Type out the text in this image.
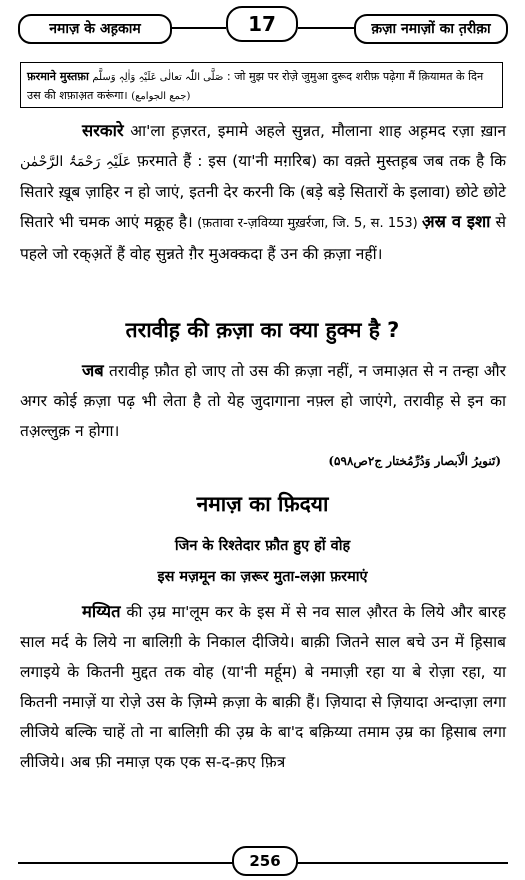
नमाज़ के अह़काम	17	क़ज़ा नमाज़ों का त़रीक़ा
फ़रमाने मुस्तफ़ा صَلَّی اللّٰہ تعالٰی عَلَیْہِ وَاٰلِہٖ وَسلَّم : जो मुझ पर रोज़े जुमुआ दुरूद शरीफ़ पढ़ेगा मैं क़ियामत के दिन उस की शफ़ाअ़त करूंगा। (جمع الجوامع)

सरकारे आ'ला ह़ज़रत, इमामे अहले सुन्नत, मौलाना शाह अह़मद रज़ा ख़ान عَلَیْہِ رَحْمَۃُ الرَّحْمٰن फ़रमाते हैं : इस (या'नी मग़रिब) का वक़्ते मुस्तह़ब जब तक है कि सितारे ख़ूब ज़ाहिर न हो जाएं, इतनी देर करनी कि (बड़े बड़े सितारों के इलावा) छोटे छोटे सितारे भी चमक आएं मक्रूह है। (फ़तावा र-ज़विय्या मुख़र्रजा, जि. 5, स. 153) अ़स्र व इशा से पहले जो रक्अ़तें हैं वोह सुन्नते ग़ैर मुअक्कदा हैं उन की क़ज़ा नहीं।

तरावीह़ की क़ज़ा का क्या हुक्म है ?

जब तरावीह़ फ़ौत हो जाए तो उस की क़ज़ा नहीं, न जमाअ़त से न तन्हा और अगर कोई क़ज़ा पढ़ भी लेता है तो येह जुदागाना नफ़्ल हो जाएंगे, तरावीह़ से इन का तअ़ल्लुक़ न होगा।

(تَنویرُ الْاَبصار وَدُرِّمُختار ج۲ص۵۹۸)
नमाज़ का फ़िदया
जिन के रिश्तेदार फ़ौत हुए हों वोह
इस मज़मून का ज़रूर मुता-लआ़ फ़रमाएं

मय्यित की उ़म्र मा'लूम कर के इस में से नव साल औ़रत के लिये और बारह साल मर्द के लिये ना बालिग़ी के निकाल दीजिये। बाक़ी जितने साल बचे उन में ह़िसाब लगाइये के कितनी मुद्दत तक वोह (या'नी मर्हूम) बे नमाज़ी रहा या बे रोज़ा रहा, या कितनी नमाज़ें या रोज़े उस के ज़िम्मे क़ज़ा के बाक़ी हैं। ज़ियादा से ज़ियादा अन्दाज़ा लगा लीजिये बल्कि चाहें तो ना बालिग़ी की उ़म्र के बा'द बक़िय्या तमाम उ़म्र का ह़िसाब लगा लीजिये। अब फ़ी नमाज़ एक एक स-द-क़ए फ़ित्र

256
